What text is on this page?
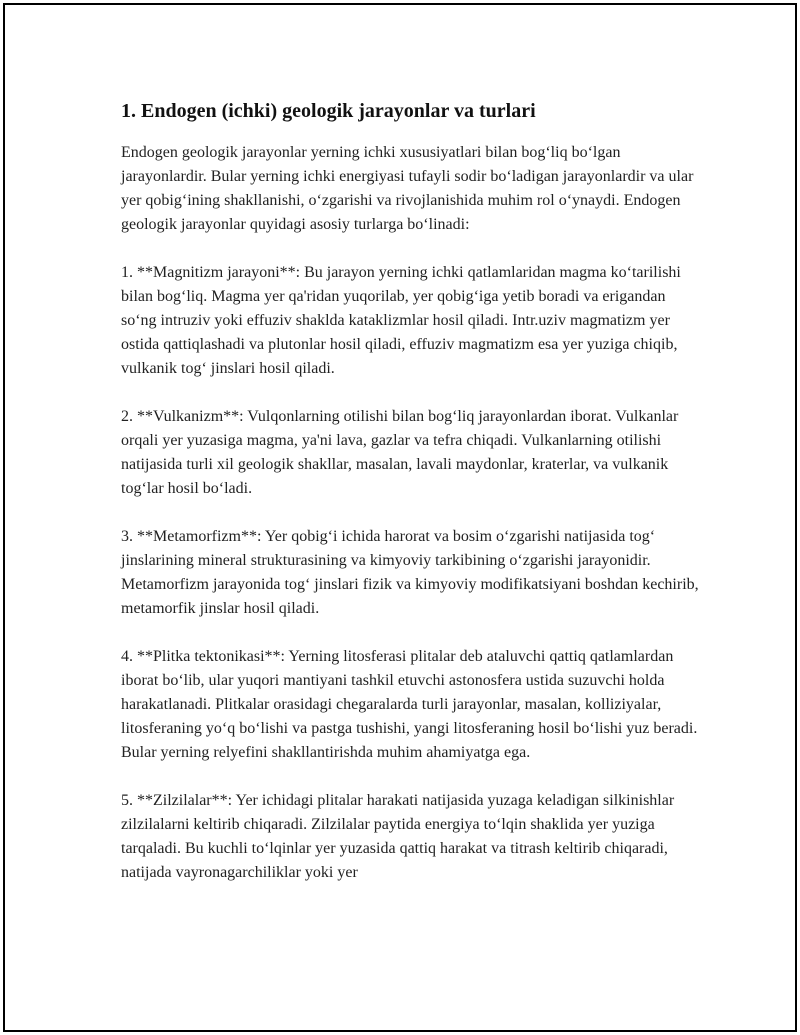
1. Endogen (ichki) geologik jarayonlar va turlari

Endogen geologik jarayonlar yerning ichki xususiyatlari bilan bog‘liq bo‘lgan jarayonlardir. Bular yerning ichki energiyasi tufayli sodir bo‘ladigan jarayonlardir va ular yer qobig‘ining shakllanishi, o‘zgarishi va rivojlanishida muhim rol o‘ynaydi. Endogen geologik jarayonlar quyidagi asosiy turlarga bo‘linadi:

1. **Magnitizm jarayoni**: Bu jarayon yerning ichki qatlamlaridan magma ko‘tarilishi bilan bog‘liq. Magma yer qa'ridan yuqorilab, yer qobig‘iga yetib boradi va erigandan so‘ng intruziv yoki effuziv shaklda kataklizmlar hosil qiladi. Intr.uziv magmatizm yer ostida qattiqlashadi va plutonlar hosil qiladi, effuziv magmatizm esa yer yuziga chiqib, vulkanik tog‘ jinslari hosil qiladi.

2. **Vulkanizm**: Vulqonlarning otilishi bilan bog‘liq jarayonlardan iborat. Vulkanlar orqali yer yuzasiga magma, ya'ni lava, gazlar va tefra chiqadi. Vulkanlarning otilishi natijasida turli xil geologik shakllar, masalan, lavali maydonlar, kraterlar, va vulkanik tog‘lar hosil bo‘ladi.

3. **Metamorfizm**: Yer qobig‘i ichida harorat va bosim o‘zgarishi natijasida tog‘ jinslarining mineral strukturasining va kimyoviy tarkibining o‘zgarishi jarayonidir. Metamorfizm jarayonida tog‘ jinslari fizik va kimyoviy modifikatsiyani boshdan kechirib, metamorfik jinslar hosil qiladi.

4. **Plitka tektonikasi**: Yerning litosferasi plitalar deb ataluvchi qattiq qatlamlardan iborat bo‘lib, ular yuqori mantiyani tashkil etuvchi astonosfera ustida suzuvchi holda harakatlanadi. Plitkalar orasidagi chegaralarda turli jarayonlar, masalan, kolliziyalar, litosferaning yo‘q bo‘lishi va pastga tushishi, yangi litosferaning hosil bo‘lishi yuz beradi. Bular yerning relyefini shakllantirishda muhim ahamiyatga ega.

5. **Zilzilalar**: Yer ichidagi plitalar harakati natijasida yuzaga keladigan silkinishlar zilzilalarni keltirib chiqaradi. Zilzilalar paytida energiya to‘lqin shaklida yer yuziga tarqaladi. Bu kuchli to‘lqinlar yer yuzasida qattiq harakat va titrash keltirib chiqaradi, natijada vayronagarchiliklar yoki yer
